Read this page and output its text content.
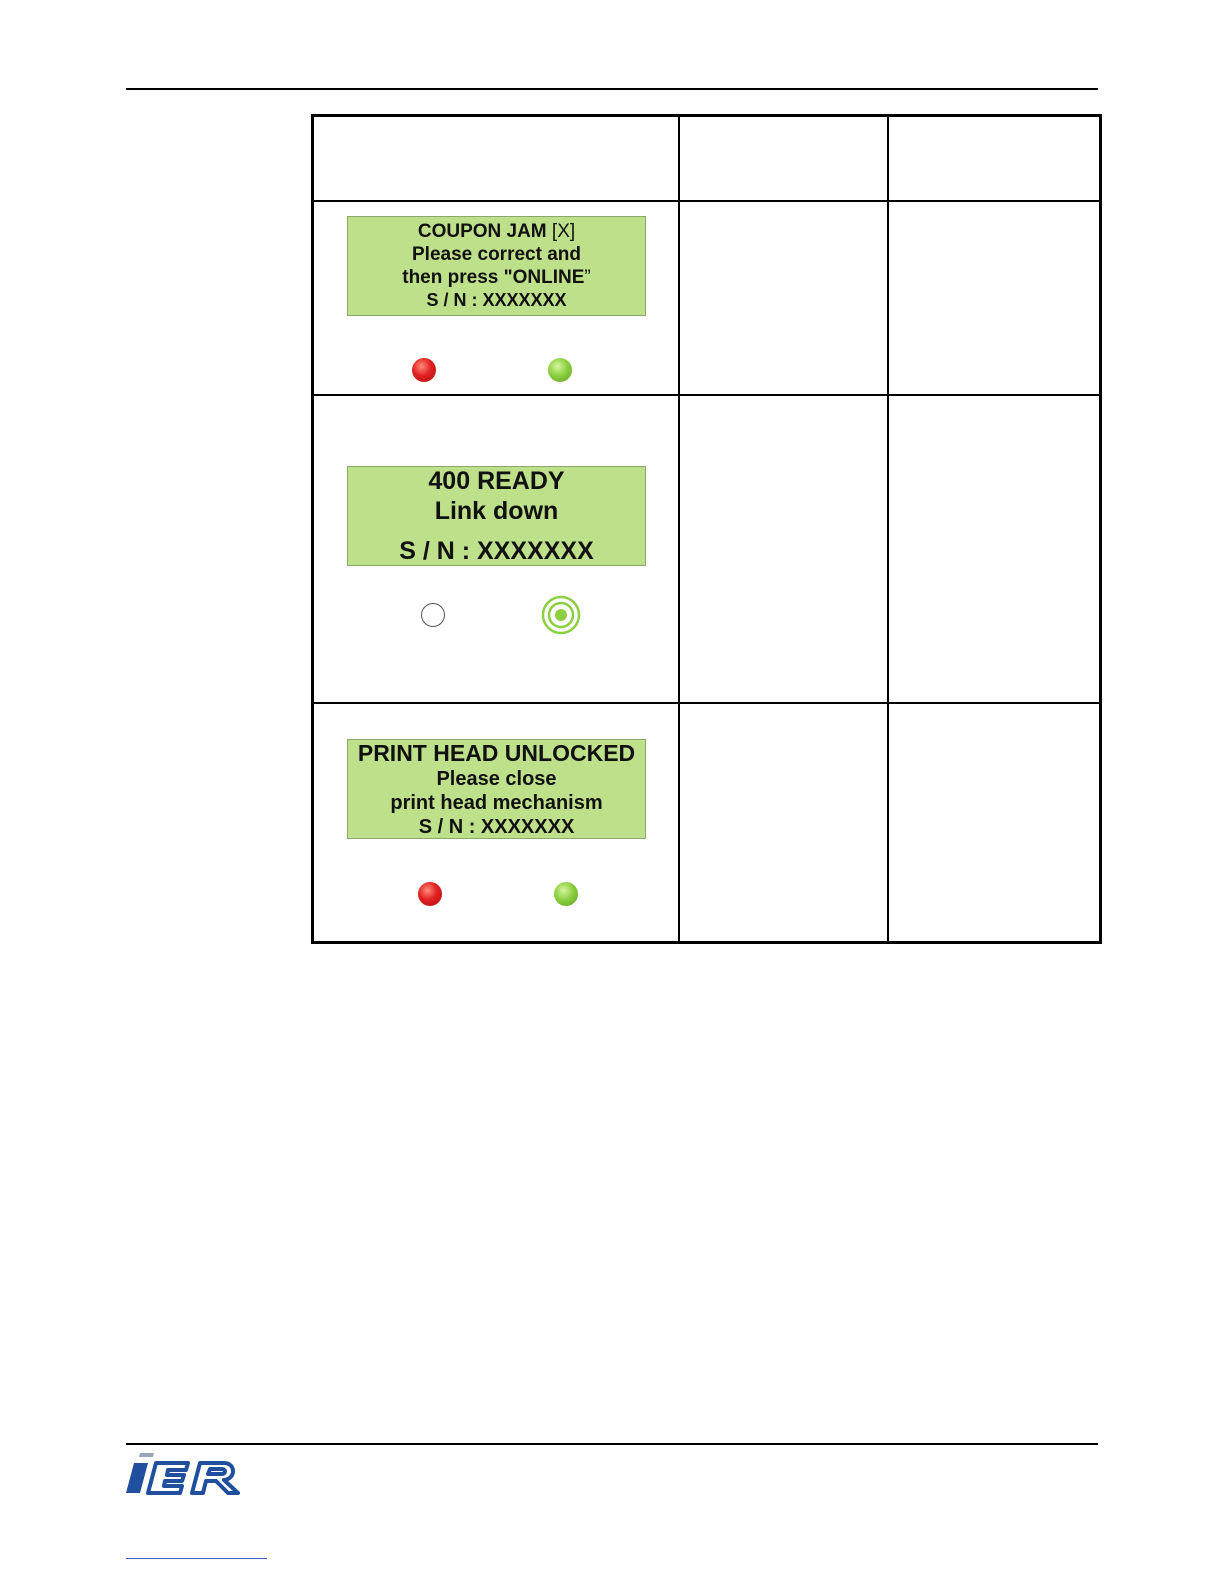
COUPON JAM [X]
Please correct and
then press "ONLINE”
S / N : XXXXXXX		

400 READY
Link down
S / N : XXXXXXX		

PRINT HEAD UNLOCKED
Please close
print head mechanism
S / N : XXXXXXX		
